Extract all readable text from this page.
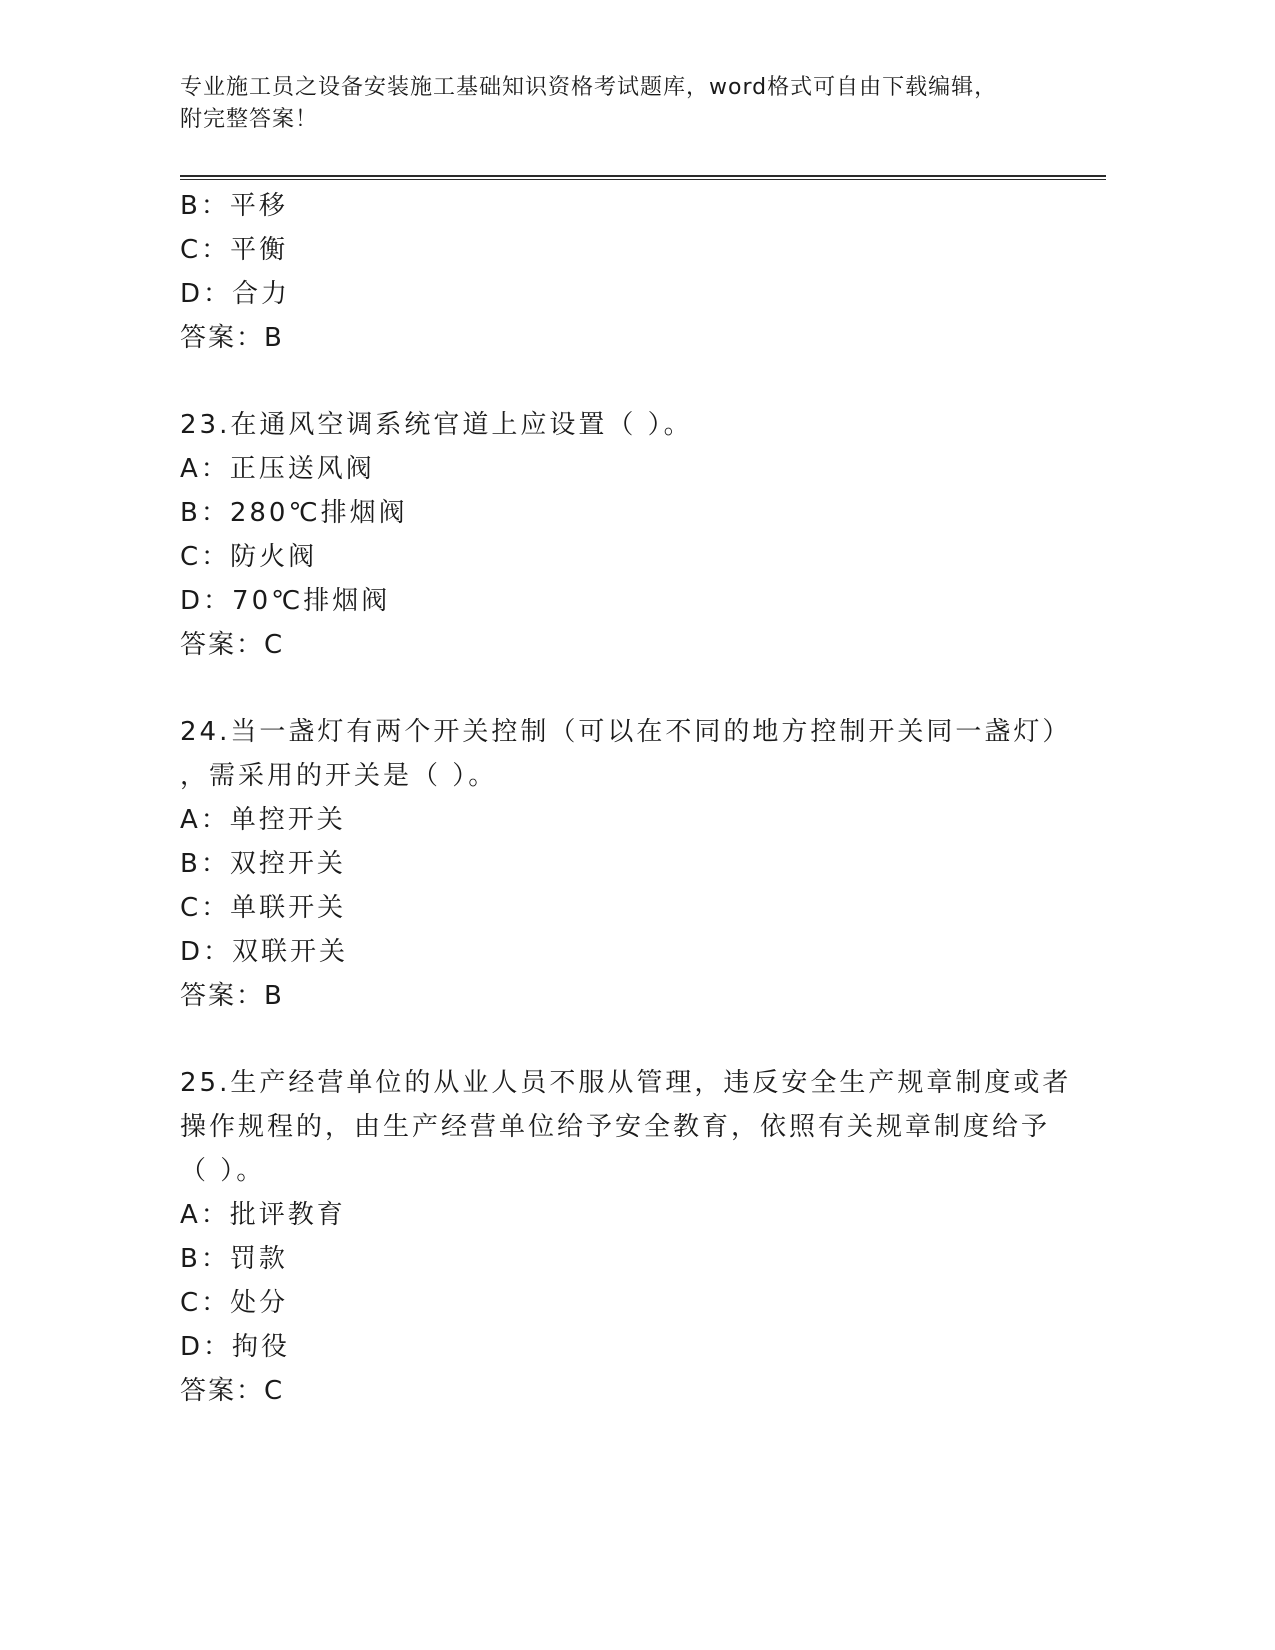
专业施工员之设备安装施工基础知识资格考试题库，word格式可自由下载编辑，
附完整答案！
B：平移
C：平衡
D：合力
答案：B
23.在通风空调系统官道上应设置（ ）。
A：正压送风阀
B：280℃排烟阀
C：防火阀
D：70℃排烟阀
答案：C
24.当一盏灯有两个开关控制（可以在不同的地方控制开关同一盏灯）
，需采用的开关是（ ）。
A：单控开关
B：双控开关
C：单联开关
D：双联开关
答案：B
25.生产经营单位的从业人员不服从管理，违反安全生产规章制度或者
操作规程的，由生产经营单位给予安全教育，依照有关规章制度给予
（ ）。
A：批评教育
B：罚款
C：处分
D：拘役
答案：C
